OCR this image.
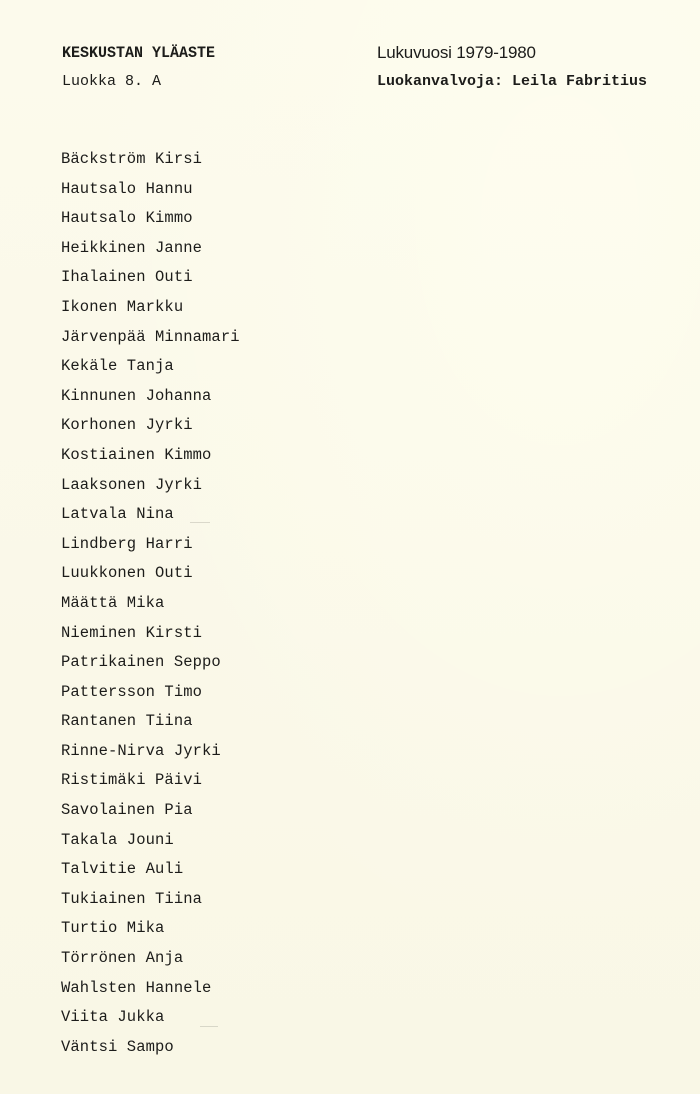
KESKUSTAN YLÄASTE
Luokka 8. A
Lukuvuosi 1979-1980
Luokanvalvoja: Leila Fabritius
Bäckström Kirsi
Hautsalo Hannu
Hautsalo Kimmo
Heikkinen Janne
Ihalainen Outi
Ikonen Markku
Järvenpää Minnamari
Kekäle Tanja
Kinnunen Johanna
Korhonen Jyrki
Kostiainen Kimmo
Laaksonen Jyrki
Latvala Nina
Lindberg Harri
Luukkonen Outi
Määttä Mika
Nieminen Kirsti
Patrikainen Seppo
Pattersson Timo
Rantanen Tiina
Rinne-Nirva Jyrki
Ristimäki Päivi
Savolainen Pia
Takala Jouni
Talvitie Auli
Tukiainen Tiina
Turtio Mika
Törrönen Anja
Wahlsten Hannele
Viita Jukka
Väntsi Sampo
